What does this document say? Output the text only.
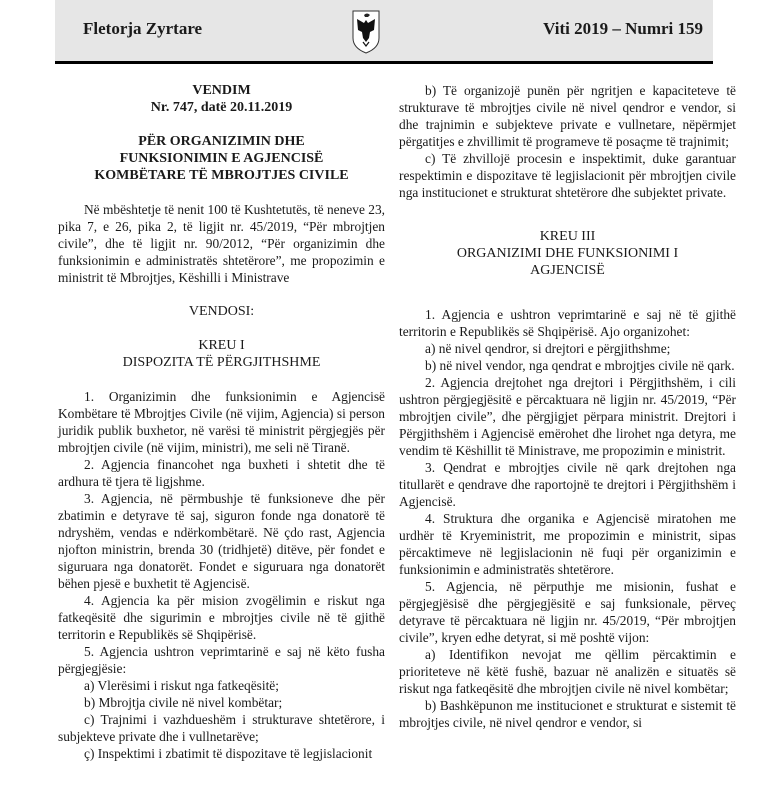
Fletorja Zyrtare	Viti 2019 – Numri 159

VENDIM

Nr. 747, datë 20.11.2019

PËR ORGANIZIMIN DHE

FUNKSIONIMIN E AGJENCISË

KOMBËTARE TË MBROJTJES CIVILE

Në mbështetje të nenit 100 të Kushtetutës, të neneve 23, pika 7, e 26, pika 2, të ligjit nr. 45/2019, “Për mbrojtjen civile”, dhe të ligjit nr. 90/2012, “Për organizimin dhe funksionimin e administratës shtetërore”, me propozimin e ministrit të Mbrojtjes, Këshilli i Ministrave

VENDOSI:

KREU I

DISPOZITA TË PËRGJITHSHME

1. Organizimin dhe funksionimin e Agjencisë Kombëtare të Mbrojtjes Civile (në vijim, Agjencia) si person juridik publik buxhetor, në varësi të ministrit përgjegjës për mbrojtjen civile (në vijim, ministri), me seli në Tiranë.

2. Agjencia financohet nga buxheti i shtetit dhe të ardhura të tjera të ligjshme.

3. Agjencia, në përmbushje të funksioneve dhe për zbatimin e detyrave të saj, siguron fonde nga donatorë të ndryshëm, vendas e ndërkombëtarë. Në çdo rast, Agjencia njofton ministrin, brenda 30 (tridhjetë) ditëve, për fondet e siguruara nga donatorët. Fondet e siguruara nga donatorët bëhen pjesë e buxhetit të Agjencisë.

4. Agjencia ka për mision zvogëlimin e riskut nga fatkeqësitë dhe sigurimin e mbrojtjes civile në të gjithë territorin e Republikës së Shqipërisë.

5. Agjencia ushtron veprimtarinë e saj në këto fusha përgjegjësie:

a) Vlerësimi i riskut nga fatkeqësitë;

b) Mbrojtja civile në nivel kombëtar;

c) Trajnimi i vazhdueshëm i strukturave shtetërore, i subjekteve private dhe i vullnetarëve;

ç) Inspektimi i zbatimit të dispozitave të legjislacionit

b) Të organizojë punën për ngritjen e kapaciteteve të strukturave të mbrojtjes civile në nivel qendror e vendor, si dhe trajnimin e subjekteve private e vullnetare, nëpërmjet përgatitjes e zhvillimit të programeve të posaçme të trajnimit;

c) Të zhvillojë procesin e inspektimit, duke garantuar respektimin e dispozitave të legjislacionit për mbrojtjen civile nga institucionet e strukturat shtetërore dhe subjektet private.

KREU III

ORGANIZIMI DHE FUNKSIONIMI I

AGJENCISË

1. Agjencia e ushtron veprimtarinë e saj në të gjithë territorin e Republikës së Shqipërisë. Ajo organizohet:

a) në nivel qendror, si drejtori e përgjithshme;

b) në nivel vendor, nga qendrat e mbrojtjes civile në qark.

2. Agjencia drejtohet nga drejtori i Përgjithshëm, i cili ushtron përgjegjësitë e përcaktuara në ligjin nr. 45/2019, “Për mbrojtjen civile”, dhe përgjigjet përpara ministrit. Drejtori i Përgjithshëm i Agjencisë emërohet dhe lirohet nga detyra, me vendim të Këshillit të Ministrave, me propozimin e ministrit.

3. Qendrat e mbrojtjes civile në qark drejtohen nga titullarët e qendrave dhe raportojnë te drejtori i Përgjithshëm i Agjencisë.

4. Struktura dhe organika e Agjencisë miratohen me urdhër të Kryeministrit, me propozimin e ministrit, sipas përcaktimeve në legjislacionin në fuqi për organizimin e funksionimin e administratës shtetërore.

5. Agjencia, në përputhje me misionin, fushat e përgjegjësisë dhe përgjegjësitë e saj funksionale, përveç detyrave të përcaktuara në ligjin nr. 45/2019, “Për mbrojtjen civile”, kryen edhe detyrat, si më poshtë vijon:

a) Identifikon nevojat me qëllim përcaktimin e prioriteteve në këtë fushë, bazuar në analizën e situatës së riskut nga fatkeqësitë dhe mbrojtjen civile në nivel kombëtar;

b) Bashkëpunon me institucionet e strukturat e sistemit të mbrojtjes civile, në nivel qendror e vendor, si
